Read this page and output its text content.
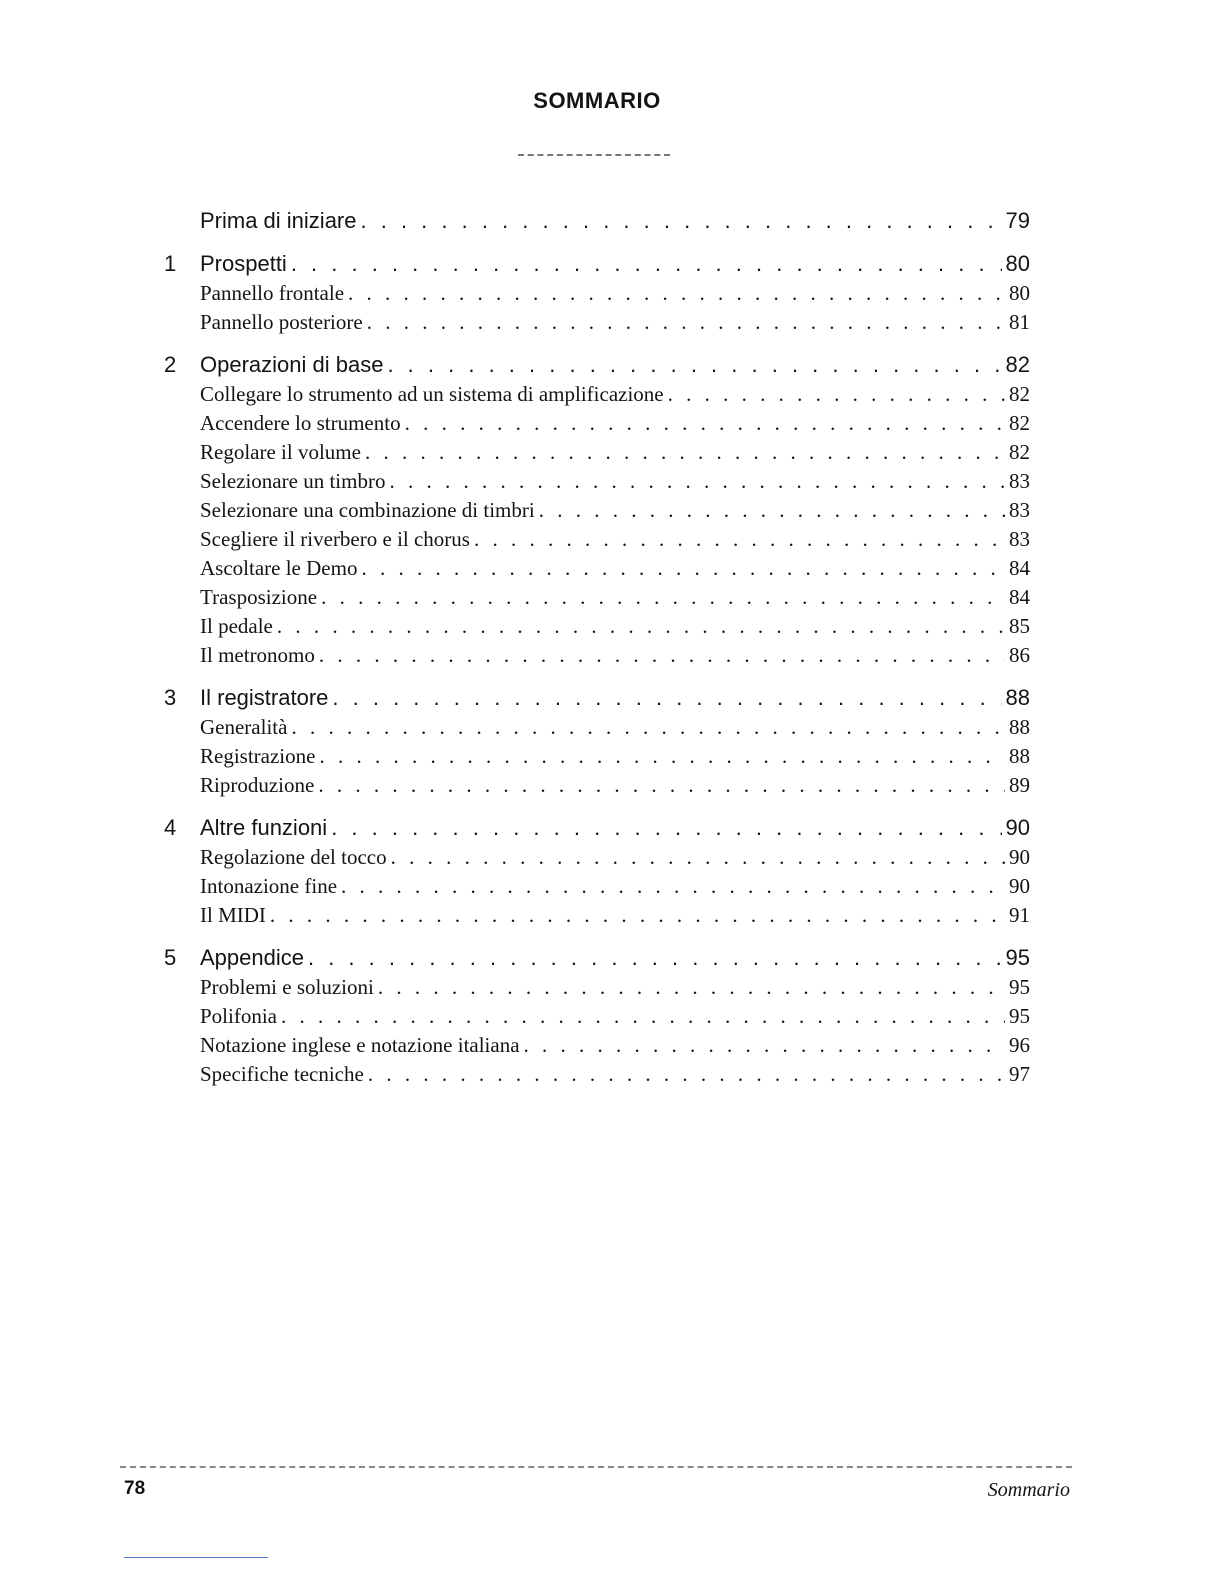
SOMMARIO
Prima di iniziare . . .	79
1	Prospetti . . .	80
Pannello frontale . . .	80
Pannello posteriore . . .	81
2	Operazioni di base . . .	82
Collegare lo strumento ad un sistema di amplificazione . . .	82
Accendere lo strumento . . .	82
Regolare il volume . . .	82
Selezionare un timbro . . .	83
Selezionare una combinazione di timbri . . .	83
Scegliere il riverbero e il chorus . . .	83
Ascoltare le Demo . . .	84
Trasposizione . . .	84
Il pedale . . .	85
Il metronomo . . .	86
3	Il registratore . . .	88
Generalità . . .	88
Registrazione . . .	88
Riproduzione . . .	89
4	Altre funzioni . . .	90
Regolazione del tocco . . .	90
Intonazione fine . . .	90
Il MIDI . . .	91
5	Appendice . . .	95
Problemi e soluzioni . . .	95
Polifonia . . .	95
Notazione inglese e notazione italiana . . .	96
Specifiche tecniche . . .	97
78	Sommario
